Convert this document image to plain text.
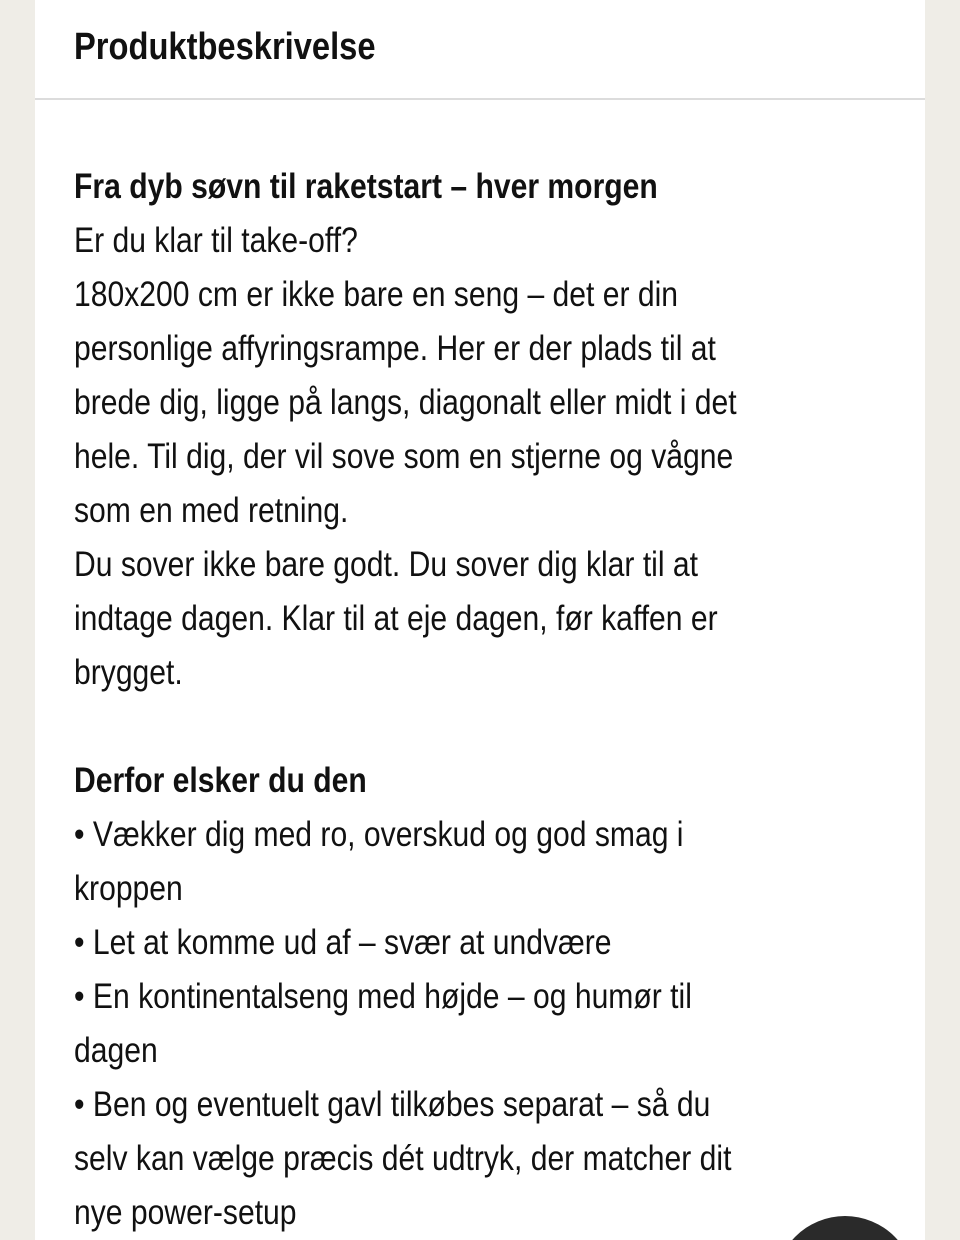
Produktbeskrivelse
Fra dyb søvn til raketstart – hver morgen
Er du klar til take-off?
180x200 cm er ikke bare en seng – det er din
personlige affyringsrampe. Her er der plads til at
brede dig, ligge på langs, diagonalt eller midt i det
hele. Til dig, der vil sove som en stjerne og vågne
som en med retning.
Du sover ikke bare godt. Du sover dig klar til at
indtage dagen. Klar til at eje dagen, før kaffen er
brygget.
Derfor elsker du den
• Vækker dig med ro, overskud og god smag i
kroppen
• Let at komme ud af – svær at undvære
• En kontinentalseng med højde – og humør til
dagen
• Ben og eventuelt gavl tilkøbes separat – så du
selv kan vælge præcis dét udtryk, der matcher dit
nye power-setup
